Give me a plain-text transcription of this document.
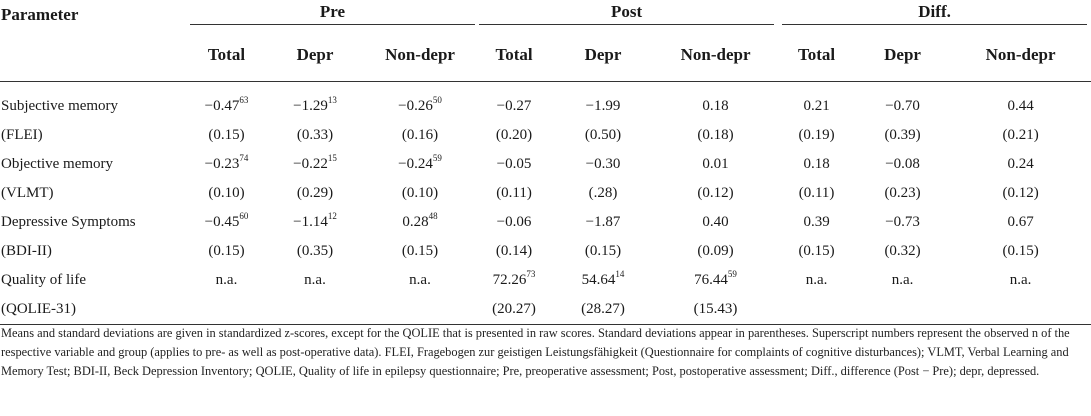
Parameter	Pre			Post			Diff.		

	Total	Depr	Non-depr	Total	Depr	Non-depr	Total	Depr	Non-depr

Subjective memory	$-0.47^{63}$	$-1.29^{13}$	$-0.26^{50}$	−0.27	−1.99	0.18	0.21	−0.70	0.44
(FLEI)	(0.15)	(0.33)	(0.16)	(0.20)	(0.50)	(0.18)	(0.19)	(0.39)	(0.21)
Objective memory	$-0.23^{74}$	$-0.22^{15}$	$-0.24^{59}$	−0.05	−0.30	0.01	0.18	−0.08	0.24
(VLMT)	(0.10)	(0.29)	(0.10)	(0.11)	(.28)	(0.12)	(0.11)	(0.23)	(0.12)
Depressive Symptoms	$-0.45^{60}$	$-1.14^{12}$	$0.28^{48}$	−0.06	−1.87	0.40	0.39	−0.73	0.67
(BDI-II)	(0.15)	(0.35)	(0.15)	(0.14)	(0.15)	(0.09)	(0.15)	(0.32)	(0.15)
Quality of life	n.a.	n.a.	n.a.	72.26$^{73}$	54.64$^{14}$	76.44$^{59}$	n.a.	n.a.	n.a.
(QOLIE-31)				(20.27)	(28.27)	(15.43)			
Means and standard deviations are given in standardized z-scores, except for the QOLIE that is presented in raw scores. Standard deviations appear in parentheses. Superscript numbers represent the observed n of the respective variable and group (applies to pre- as well as post-operative data). FLEI, Fragebogen zur geistigen Leistungsfähigkeit (Questionnaire for complaints of cognitive disturbances); VLMT, Verbal Learning and Memory Test; BDI-II, Beck Depression Inventory; QOLIE, Quality of life in epilepsy questionnaire; Pre, preoperative assessment; Post, postoperative assessment; Diff., difference (Post − Pre); depr, depressed.
